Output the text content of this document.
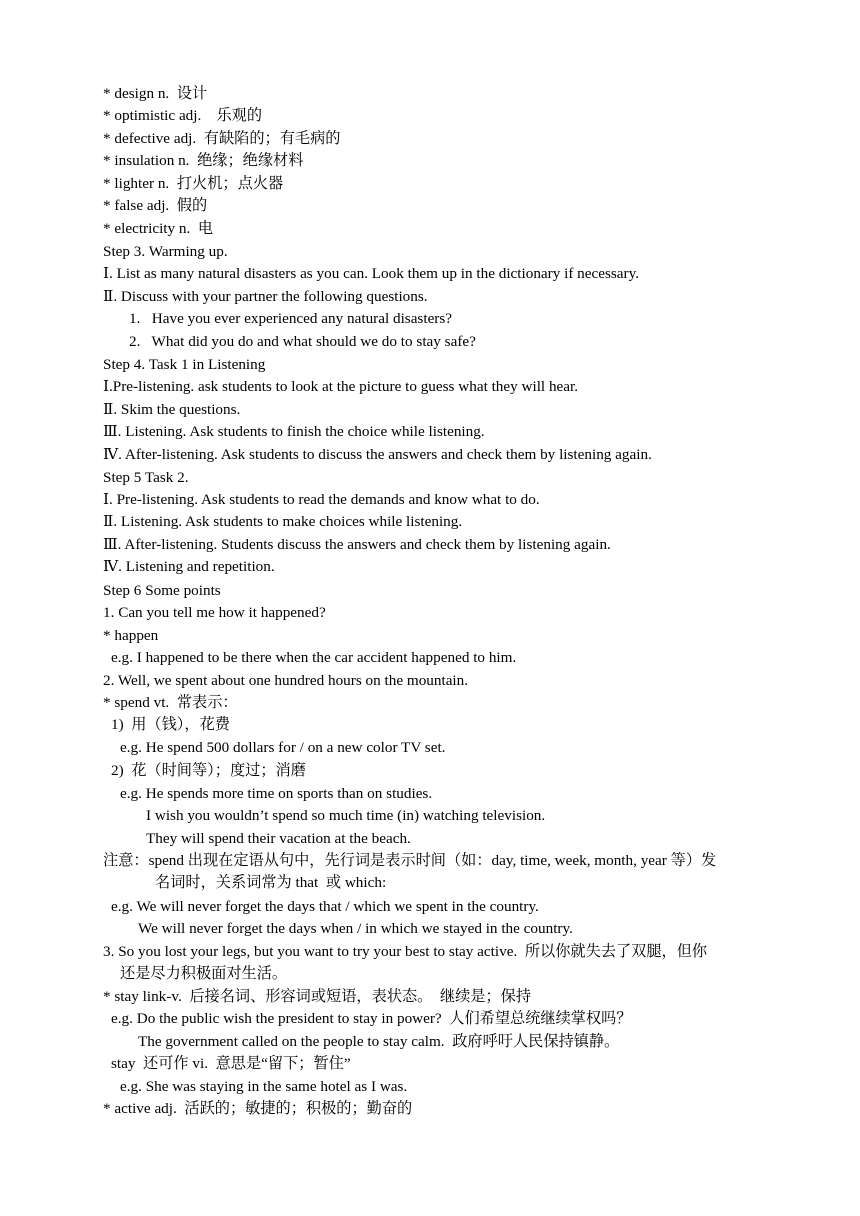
* design n.  设计
* optimistic adj.    乐观的
* defective adj.  有缺陷的；有毛病的
* insulation n.  绝缘；绝缘材料
* lighter n.  打火机；点火器
* false adj.  假的
* electricity n.  电
Step 3. Warming up.
Ⅰ. List as many natural disasters as you can. Look them up in the dictionary if necessary.
Ⅱ. Discuss with your partner the following questions.
1.   Have you ever experienced any natural disasters?
2.   What did you do and what should we do to stay safe?
Step 4. Task 1 in Listening
Ⅰ.Pre-listening. ask students to look at the picture to guess what they will hear.
Ⅱ. Skim the questions.
Ⅲ. Listening. Ask students to finish the choice while listening.
Ⅳ. After-listening. Ask students to discuss the answers and check them by listening again.
Step 5 Task 2.
Ⅰ. Pre-listening. Ask students to read the demands and know what to do.
Ⅱ. Listening. Ask students to make choices while listening.
Ⅲ. After-listening. Students discuss the answers and check them by listening again.
Ⅳ. Listening and repetition.
Step 6 Some points
1. Can you tell me how it happened?
* happen
e.g. I happened to be there when the car accident happened to him.
2. Well, we spent about one hundred hours on the mountain.
* spend vt.  常表示：
1)  用（钱），花费
e.g. He spend 500 dollars for / on a new color TV set.
2)  花（时间等）；度过；消磨
e.g. He spends more time on sports than on studies.
I wish you wouldn’t spend so much time (in) watching television.
They will spend their vacation at the beach.
注意：spend 出现在定语从句中，先行词是表示时间（如：day, time, week, month, year 等）发
名词时，关系词常为 that  或 which:
e.g. We will never forget the days that / which we spent in the country.
We will never forget the days when / in which we stayed in the country.
3. So you lost your legs, but you want to try your best to stay active.  所以你就失去了双腿，但你
还是尽力积极面对生活。
* stay link-v.  后接名词、形容词或短语，表状态。  继续是；保持
e.g. Do the public wish the president to stay in power?  人们希望总统继续掌权吗？
The government called on the people to stay calm.  政府呼吁人民保持镇静。
stay  还可作 vi.  意思是“留下；暂住”
e.g. She was staying in the same hotel as I was.
* active adj.  活跃的；敏捷的；积极的；勤奋的
